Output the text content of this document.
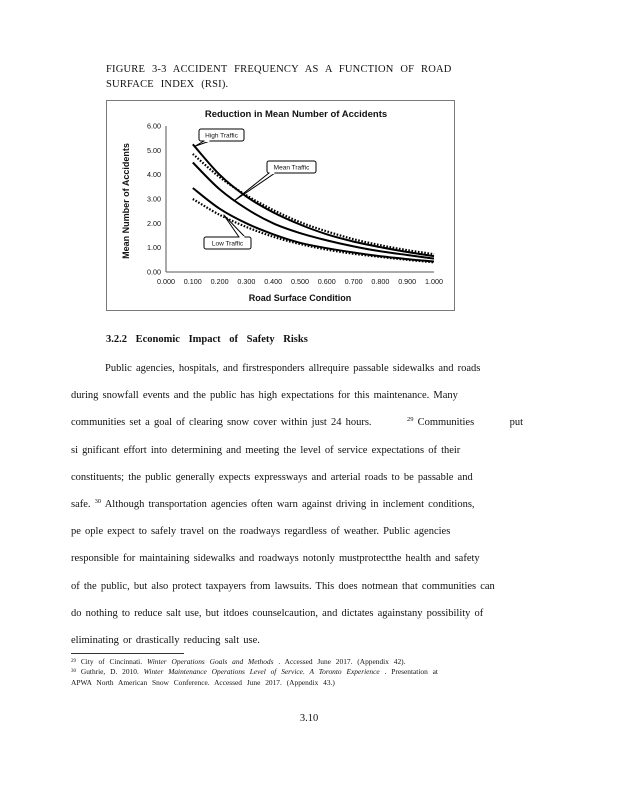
FIGURE 3-3 ACCIDENT FREQUENCY AS A FUNCTION OF ROAD
SURFACE INDEX (RSI).
Reduction in Mean Number of Accidents
Mean Number of Accidents
Road Surface Condition
0.000 0.100 0.200 0.300 0.400 0.500 0.600 0.700 0.800 0.900 1.000
0.00
1.00
2.00
3.00
4.00
5.00
6.00
High Traffic
Mean Traffic
Low Traffic
3.2.2 Economic Impact of Safety Risks
Public agencies, hospitals, and firstresponders allrequire passable sidewalks and roads
during snowfall events and the public has high expectations for this maintenance. Many
communities set a goal of clearing snow cover within just 24 hours.	$^{29}$ Communities	put
si gnificant effort into determining and meeting the level of service expectations of their
constituents; the public generally expects expressways and arterial roads to be passable and
safe. $^{30}$ Although transportation agencies often warn against driving in inclement conditions,
pe ople expect to safely travel on the roadways regardless of weather. Public agencies
responsible for maintaining sidewalks and roadways notonly mustprotectthe health and safety
of the public, but also protect taxpayers from lawsuits. This does notmean that communities can
do nothing to reduce salt use, but itdoes counselcaution, and dictates againstany possibility of
eliminating or drastically reducing salt use.
$^{29}$ City of Cincinnati. Winter Operations Goals and Methods . Accessed June 2017. (Appendix 42).
$^{30}$ Guthrie, D. 2010. Winter Maintenance Operations Level of Service. A Toronto Experience . Presentation at
APWA North American Snow Conference. Accessed June 2017. (Appendix 43.)
3.10
